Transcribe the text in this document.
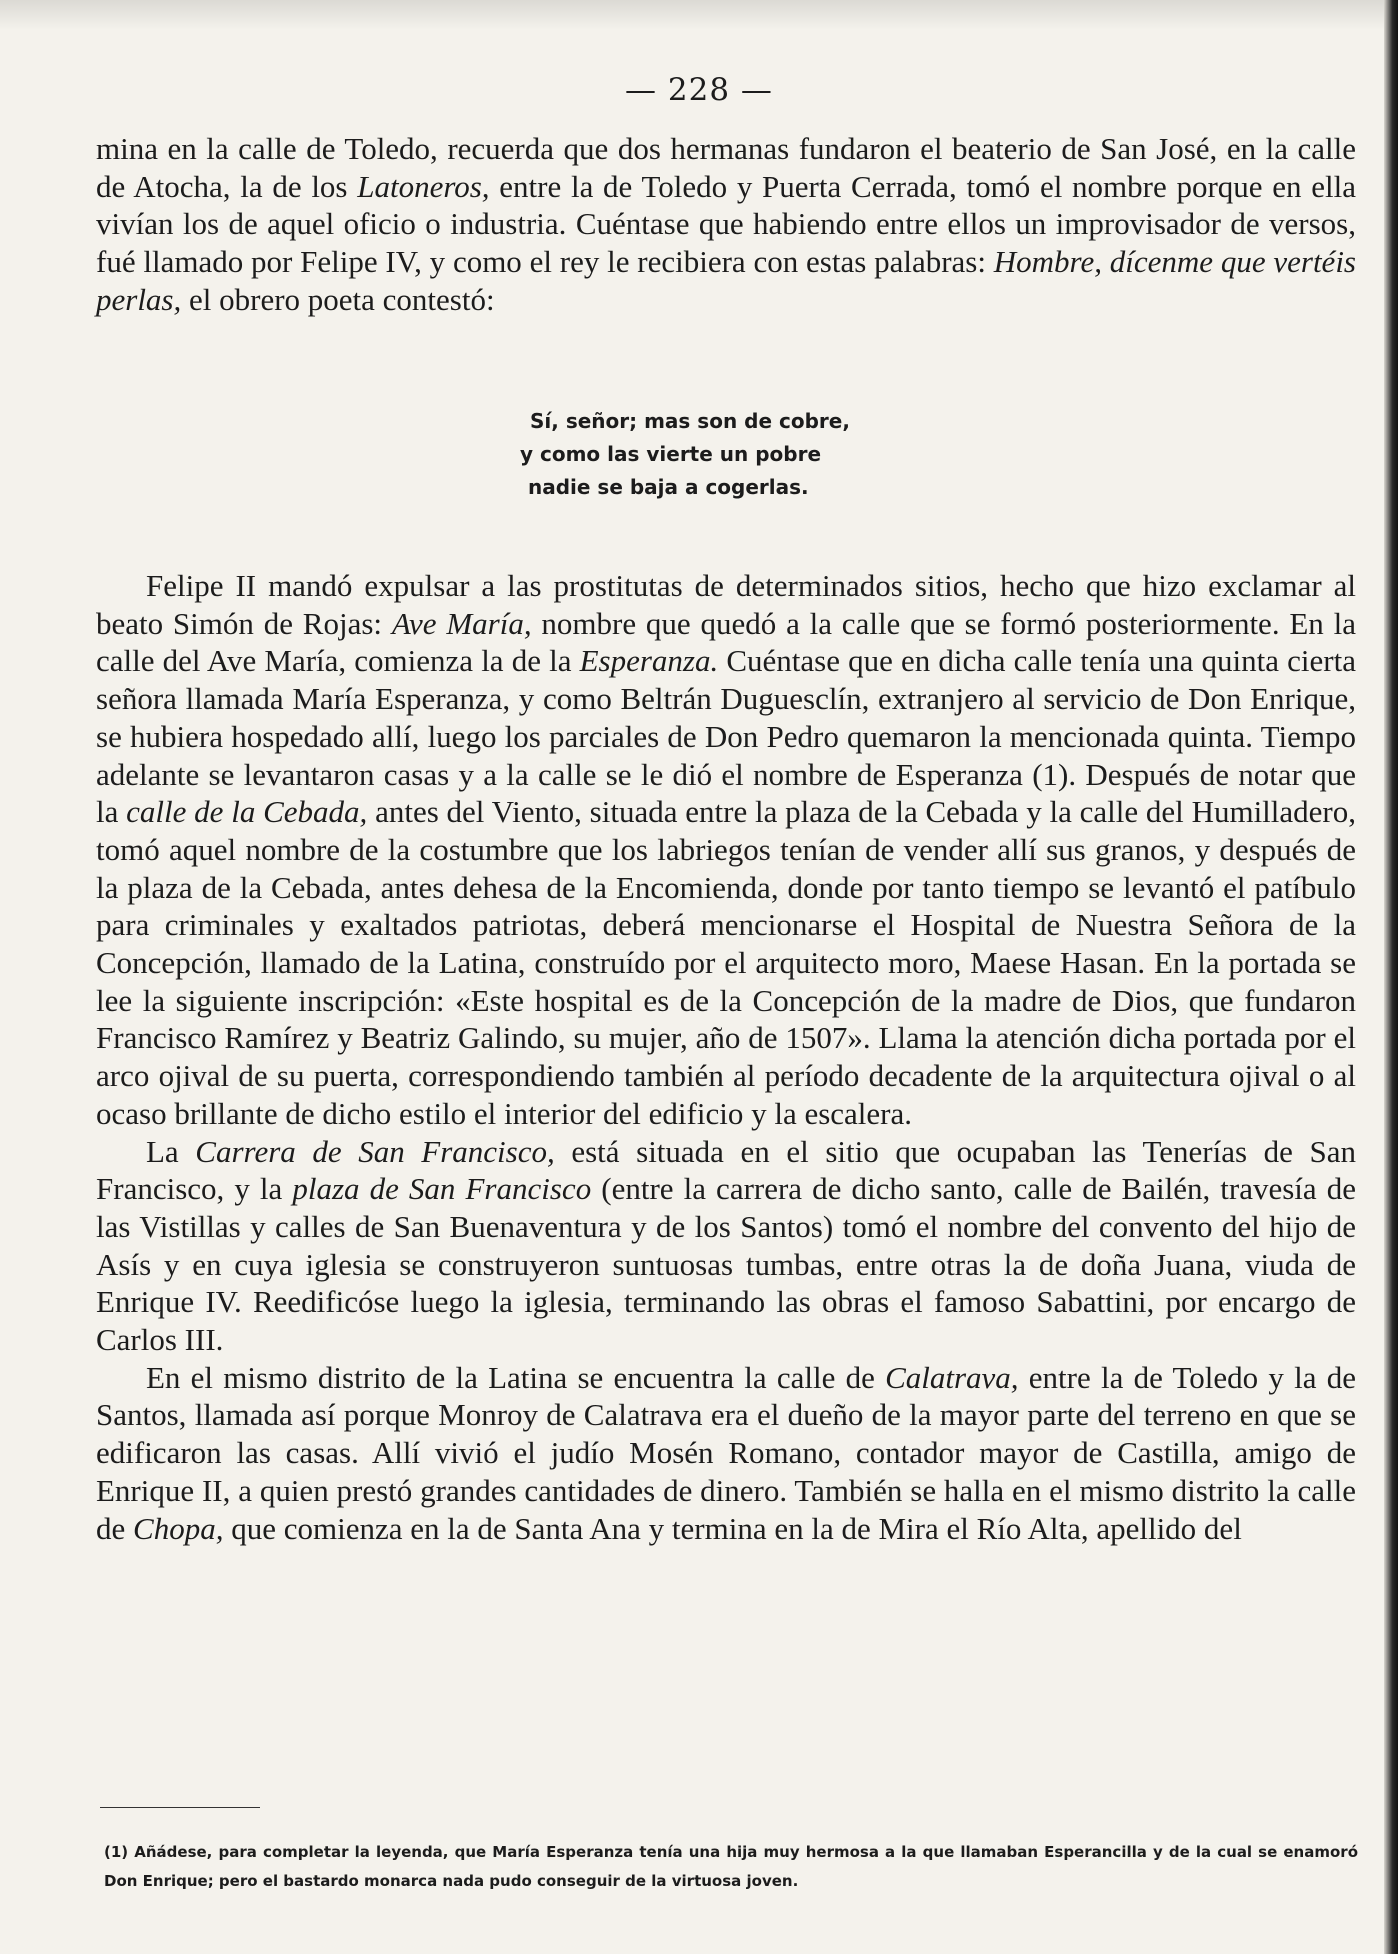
— 228 —

mina en la calle de Toledo, recuerda que dos hermanas fundaron el beaterio de San José, en la calle de Atocha, la de los Latoneros, entre la de Toledo y Puerta Cerrada, tomó el nombre porque en ella vivían los de aquel oficio o industria. Cuéntase que habiendo entre ellos un improvisador de versos, fué llamado por Felipe IV, y como el rey le recibiera con estas palabras: Hombre, dícenme que vertéis perlas, el obrero poeta contestó:

Sí, señor; mas son de cobre,
y como las vierte un pobre
nadie se baja a cogerlas.

Felipe II mandó expulsar a las prostitutas de determinados sitios, hecho que hizo exclamar al beato Simón de Rojas: Ave María, nombre que quedó a la calle que se formó posteriormente. En la calle del Ave María, comienza la de la Esperanza. Cuéntase que en dicha calle tenía una quinta cierta señora llamada María Esperanza, y como Beltrán Duguesclín, extranjero al servicio de Don Enrique, se hubiera hospedado allí, luego los parciales de Don Pedro quemaron la mencionada quinta. Tiempo adelante se levantaron casas y a la calle se le dió el nombre de Esperanza (1). Después de notar que la calle de la Cebada, antes del Viento, situada entre la plaza de la Cebada y la calle del Humilladero, tomó aquel nombre de la costumbre que los labriegos tenían de vender allí sus granos, y después de la plaza de la Cebada, antes dehesa de la Encomienda, donde por tanto tiempo se levantó el patíbulo para criminales y exaltados patriotas, deberá mencionarse el Hospital de Nuestra Señora de la Concepción, llamado de la Latina, construído por el arquitecto moro, Maese Hasan. En la portada se lee la siguiente inscripción: «Este hospital es de la Concepción de la madre de Dios, que fundaron Francisco Ramírez y Beatriz Galindo, su mujer, año de 1507». Llama la atención dicha portada por el arco ojival de su puerta, correspondiendo también al período decadente de la arquitectura ojival o al ocaso brillante de dicho estilo el interior del edificio y la escalera.

La Carrera de San Francisco, está situada en el sitio que ocupaban las Tenerías de San Francisco, y la plaza de San Francisco (entre la carrera de dicho santo, calle de Bailén, travesía de las Vistillas y calles de San Buenaventura y de los Santos) tomó el nombre del convento del hijo de Asís y en cuya iglesia se construyeron suntuosas tumbas, entre otras la de doña Juana, viuda de Enrique IV. Reedificóse luego la iglesia, terminando las obras el famoso Sabattini, por encargo de Carlos III.

En el mismo distrito de la Latina se encuentra la calle de Calatrava, entre la de Toledo y la de Santos, llamada así porque Monroy de Calatrava era el dueño de la mayor parte del terreno en que se edificaron las casas. Allí vivió el judío Mosén Romano, contador mayor de Castilla, amigo de Enrique II, a quien prestó grandes cantidades de dinero. También se halla en el mismo distrito la calle de Chopa, que comienza en la de Santa Ana y termina en la de Mira el Río Alta, apellido del

(1) Añádese, para completar la leyenda, que María Esperanza tenía una hija muy hermosa a la que llamaban Esperancilla y de la cual se enamoró Don Enrique; pero el bastardo monarca nada pudo conseguir de la virtuosa joven.
